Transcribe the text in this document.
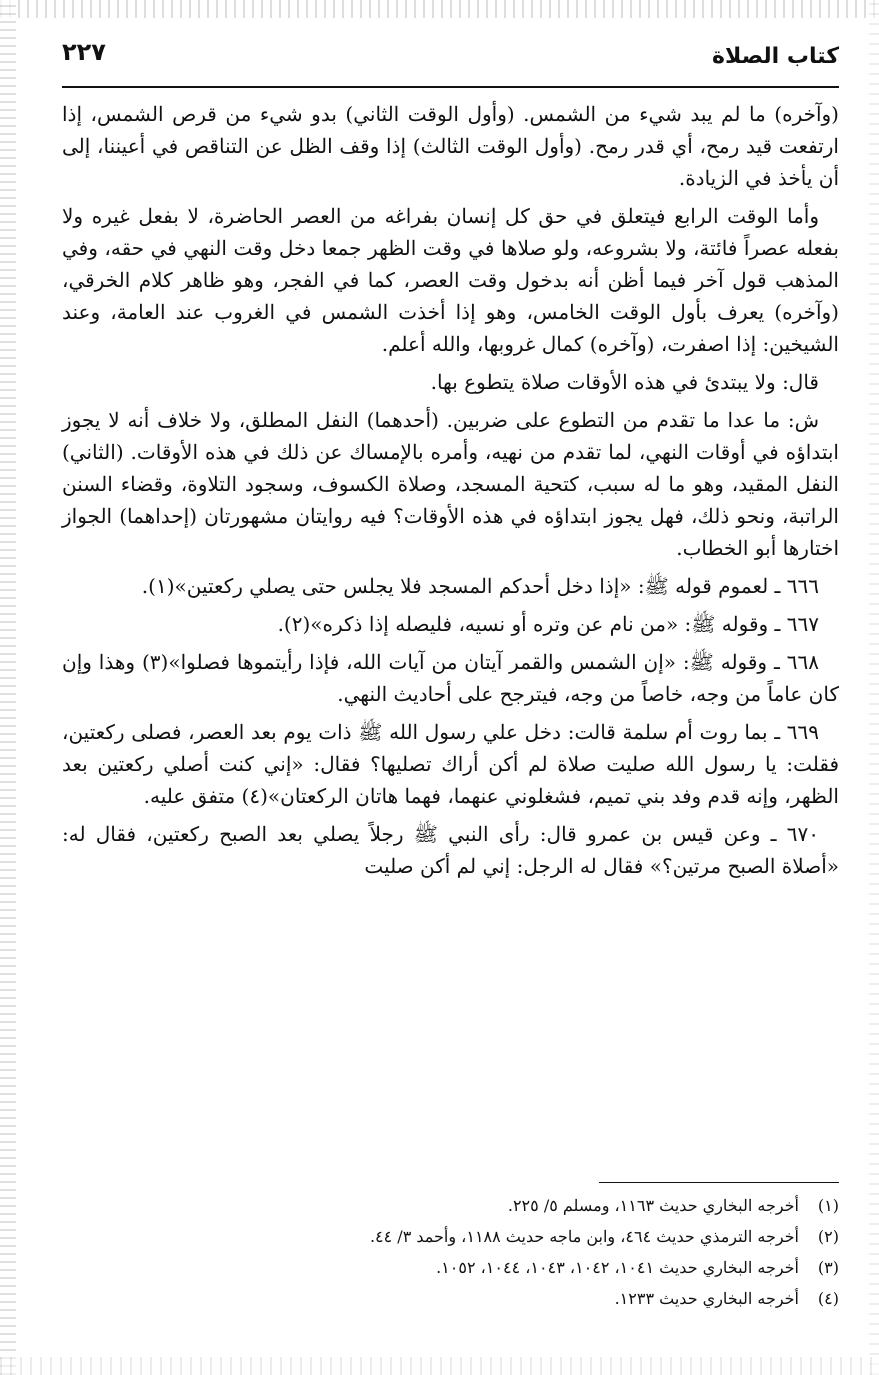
كتاب الصلاة
٢٢٧

(وآخره) ما لم يبد شيء من الشمس. (وأول الوقت الثاني) بدو شيء من قرص الشمس، إذا ارتفعت قيد رمح، أي قدر رمح. (وأول الوقت الثالث) إذا وقف الظل عن التناقص في أعيننا، إلى أن يأخذ في الزيادة.

وأما الوقت الرابع فيتعلق في حق كل إنسان بفراغه من العصر الحاضرة، لا بفعل غيره ولا بفعله عصراً فائتة، ولا بشروعه، ولو صلاها في وقت الظهر جمعا دخل وقت النهي في حقه، وفي المذهب قول آخر فيما أظن أنه بدخول وقت العصر، كما في الفجر، وهو ظاهر كلام الخرقي، (وآخره) يعرف بأول الوقت الخامس، وهو إذا أخذت الشمس في الغروب عند العامة، وعند الشيخين: إذا اصفرت، (وآخره) كمال غروبها، والله أعلم.

قال: ولا يبتدئ في هذه الأوقات صلاة يتطوع بها.

ش: ما عدا ما تقدم من التطوع على ضربين. (أحدهما) النفل المطلق، ولا خلاف أنه لا يجوز ابتداؤه في أوقات النهي، لما تقدم من نهيه، وأمره بالإمساك عن ذلك في هذه الأوقات. (الثاني) النفل المقيد، وهو ما له سبب، كتحية المسجد، وصلاة الكسوف، وسجود التلاوة، وقضاء السنن الراتبة، ونحو ذلك، فهل يجوز ابتداؤه في هذه الأوقات؟ فيه روايتان مشهورتان (إحداهما) الجواز اختارها أبو الخطاب.

٦٦٦ ـ لعموم قوله ﷺ: «إذا دخل أحدكم المسجد فلا يجلس حتى يصلي ركعتين»(١).

٦٦٧ ـ وقوله ﷺ: «من نام عن وتره أو نسيه، فليصله إذا ذكره»(٢).

٦٦٨ ـ وقوله ﷺ: «إن الشمس والقمر آيتان من آيات الله، فإذا رأيتموها فصلوا»(٣) وهذا وإن كان عاماً من وجه، خاصاً من وجه، فيترجح على أحاديث النهي.

٦٦٩ ـ بما روت أم سلمة قالت: دخل علي رسول الله ﷺ ذات يوم بعد العصر، فصلى ركعتين، فقلت: يا رسول الله صليت صلاة لم أكن أراك تصليها؟ فقال: «إني كنت أصلي ركعتين بعد الظهر، وإنه قدم وفد بني تميم، فشغلوني عنهما، فهما هاتان الركعتان»(٤) متفق عليه.

٦٧٠ ـ وعن قيس بن عمرو قال: رأى النبي ﷺ رجلاً يصلي بعد الصبح ركعتين، فقال له: «أصلاة الصبح مرتين؟» فقال له الرجل: إني لم أكن صليت

(١)
أخرجه البخاري حديث ١١٦٣، ومسلم ٥/ ٢٢٥.
(٢)
أخرجه الترمذي حديث ٤٦٤، وابن ماجه حديث ١١٨٨، وأحمد ٣/ ٤٤.
(٣)
أخرجه البخاري حديث ١٠٤١، ١٠٤٢، ١٠٤٣، ١٠٤٤، ١٠٥٢.
(٤)
أخرجه البخاري حديث ١٢٣٣.
